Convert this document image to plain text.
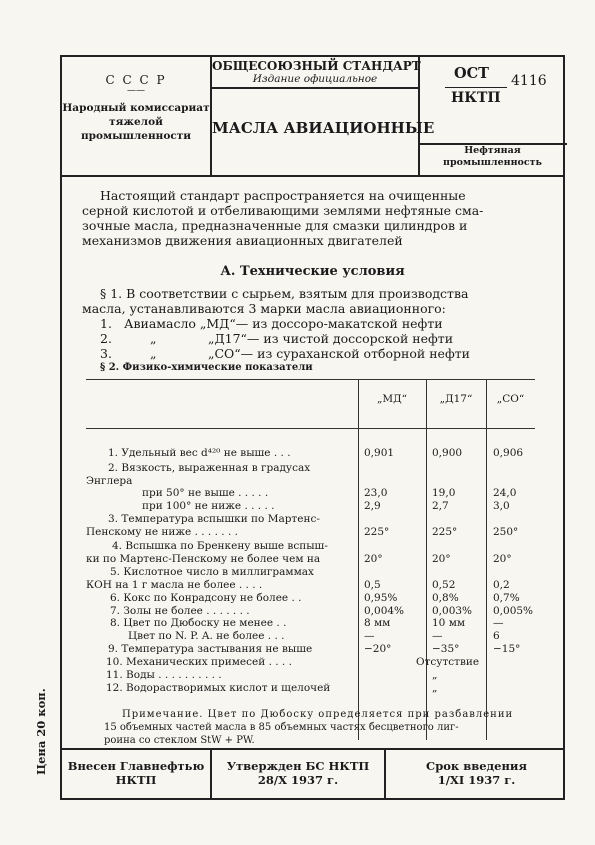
С С С Р
——
Народный комиссариат
тяжелой
промышленности
ОБЩЕСОЮЗНЫЙ СТАНДАРТ
Издание официальное
МАСЛА АВИАЦИОННЫЕ
ОСТ 4116
НКТП
Нефтяная
промышленность
Настоящий стандарт распространяется на очищенные
серной кислотой и отбеливающими землями нефтяные сма-
зочные масла, предназначенные для смазки цилиндров и
механизмов движения авиационных двигателей
А. Технические условия
§ 1. В соответствии с сырьем, взятым для производства
масла, устанавливаются 3 марки масла авиационного:
1. Авиамасло „МД“— из доссоро-макатской нефти
2.	„	„Д17“— из чистой доссорской нефти
3.	„	„СО“— из сураханской отборной нефти
§ 2. Физико-химические показатели
„МД“	„Д17“	„СО“
1. Удельный вес d⁴²⁰ не выше . . .	0,901	0,900	0,906
2. Вязкость, выраженная в градусах
Энглера
при 50° не выше . . . . .	23,0	19,0	24,0
при 100° не ниже . . . . .	2,9	2,7	3,0
3. Температура вспышки по Мартенс-
Пенскому не ниже . . . . . . .	225°	225°	250°
4. Вспышка по Бренкену выше вспыш-
ки по Мартенс-Пенскому не более чем на	20°	20°	20°
5. Кислотное число в миллиграммах
КОН на 1 г масла не более . . . .	0,5	0,52	0,2
6. Кокс по Конрадсону не более . .	0,95%	0,8%	0,7%
7. Золы не более . . . . . . .	0,004%	0,003% 0,005%
8. Цвет по Дюбоску не менее . .	8 мм	10 мм	—
Цвет по N. P. A. не более . . .	—	—	6
9. Температура застывания не выше	−20°	−35°	−15°
10. Механических примесей . . . .	Отсутствие
11. Воды . . . . . . . . . .	„
12. Водорастворимых кислот и щелочей	„
Примечание. Цвет по Дюбоску определяется при разбавлении
15 объемных частей масла в 85 объемных частях бесцветного лиг-
роина со стеклом StW + PW.
Внесен Главнефтью
НКТП
Утвержден БС НКТП
28/X 1937 г.
Срок введения
1/XI 1937 г.
Цена 20 коп.
